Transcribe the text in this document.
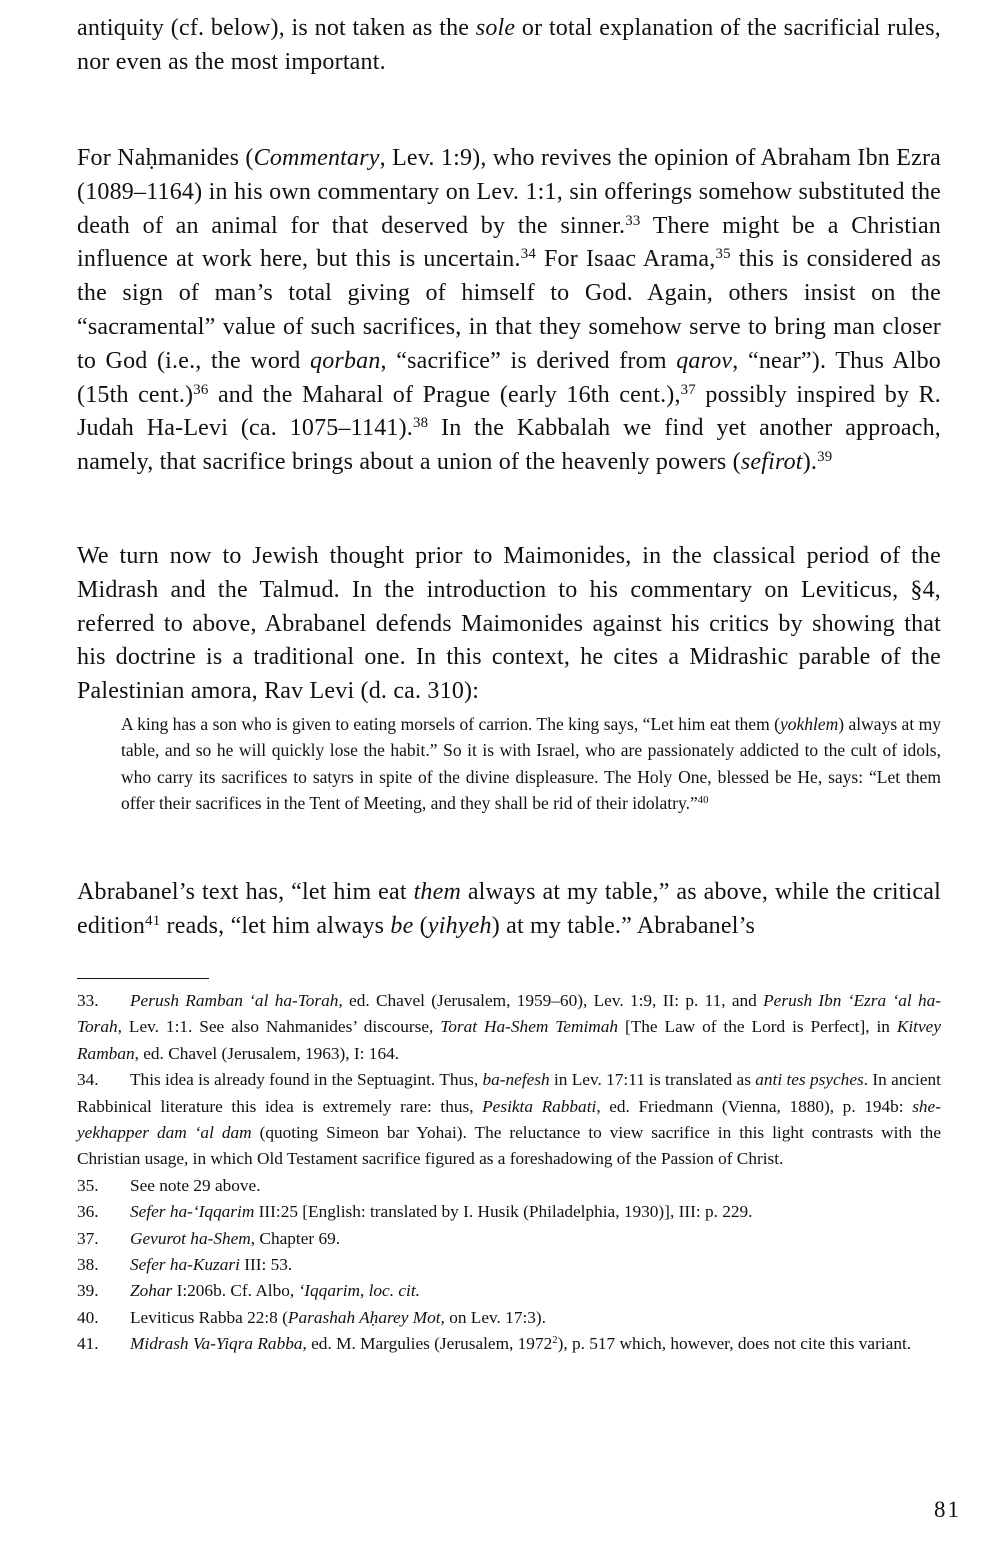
antiquity (cf. below), is not taken as the sole or total explanation of the sacrificial rules, nor even as the most important.

For Naḥmanides (Commentary, Lev. 1:9), who revives the opinion of Abraham Ibn Ezra (1089–1164) in his own commentary on Lev. 1:1, sin offerings somehow substituted the death of an animal for that deserved by the sinner.$^{33}$ There might be a Christian influence at work here, but this is uncertain.$^{34}$ For Isaac Arama,$^{35}$ this is considered as the sign of man’s total giving of himself to God. Again, others insist on the “sacramental” value of such sacrifices, in that they somehow serve to bring man closer to God (i.e., the word qorban, “sacrifice” is derived from qarov, “near”). Thus Albo (15th cent.)$^{36}$ and the Maharal of Prague (early 16th cent.),$^{37}$ possibly inspired by R. Judah Ha-Levi (ca. 1075–1141).$^{38}$ In the Kabbalah we find yet another approach, namely, that sacrifice brings about a union of the heavenly powers (sefirot).$^{39}$

We turn now to Jewish thought prior to Maimonides, in the classical period of the Midrash and the Talmud. In the introduction to his commentary on Leviticus, §4, referred to above, Abrabanel defends Maimonides against his critics by showing that his doctrine is a traditional one. In this context, he cites a Midrashic parable of the Palestinian amora, Rav Levi (d. ca. 310):

A king has a son who is given to eating morsels of carrion. The king says, “Let him eat them (yokhlem) always at my table, and so he will quickly lose the habit.” So it is with Israel, who are passionately addicted to the cult of idols, who carry its sacrifices to satyrs in spite of the divine displeasure. The Holy One, blessed be He, says: “Let them offer their sacrifices in the Tent of Meeting, and they shall be rid of their idolatry.”$^{40}$

Abrabanel’s text has, “let him eat them always at my table,” as above, while the critical edition$^{41}$ reads, “let him always be (yihyeh) at my table.” Abrabanel’s

33. Perush Ramban ‘al ha-Torah, ed. Chavel (Jerusalem, 1959–60), Lev. 1:9, II: p. 11, and Perush Ibn ‘Ezra ‘al ha-Torah, Lev. 1:1. See also Nahmanides’ discourse, Torat Ha-Shem Temimah [The Law of the Lord is Perfect], in Kitvey Ramban, ed. Chavel (Jerusalem, 1963), I: 164.

34. This idea is already found in the Septuagint. Thus, ba-nefesh in Lev. 17:11 is translated as anti tes psyches. In ancient Rabbinical literature this idea is extremely rare: thus, Pesikta Rabbati, ed. Friedmann (Vienna, 1880), p. 194b: she-yekhapper dam ‘al dam (quoting Simeon bar Yohai). The reluctance to view sacrifice in this light contrasts with the Christian usage, in which Old Testament sacrifice figured as a foreshadowing of the Passion of Christ.

35. See note 29 above.

36. Sefer ha-‘Iqqarim III:25 [English: translated by I. Husik (Philadelphia, 1930)], III: p. 229.

37. Gevurot ha-Shem, Chapter 69.

38. Sefer ha-Kuzari III: 53.

39. Zohar I:206b. Cf. Albo, ‘Iqqarim, loc. cit.

40. Leviticus Rabba 22:8 (Parashah Aḥarey Mot, on Lev. 17:3).

41. Midrash Va-Yiqra Rabba, ed. M. Margulies (Jerusalem, 1972$^2$), p. 517 which, however, does not cite this variant.

81
